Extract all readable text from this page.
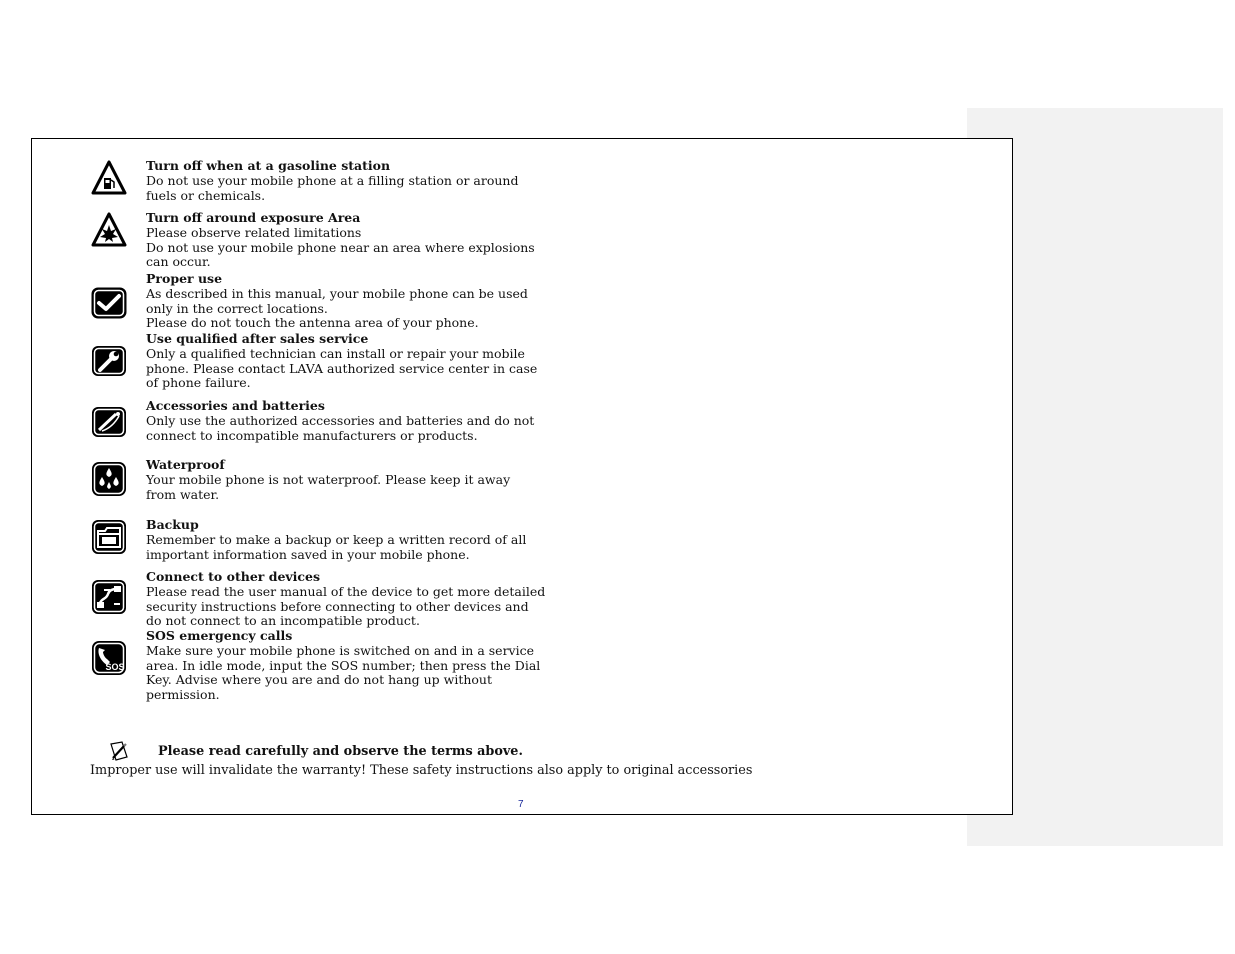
Turn off when at a gasoline station
Do not use your mobile phone at a filling station or around
fuels or chemicals.
Turn off around exposure Area
Please observe related limitations
Do not use your mobile phone near an area where explosions
can occur.
Proper use
As described in this manual, your mobile phone can be used
only in the correct locations.
Please do not touch the antenna area of your phone.
Use qualified after sales service
Only a qualified technician can install or repair your mobile
phone. Please contact LAVA authorized service center in case
of phone failure.
Accessories and batteries
Only use the authorized accessories and batteries and do not
connect to incompatible manufacturers or products.
Waterproof
Your mobile phone is not waterproof. Please keep it away
from water.
Backup
Remember to make a backup or keep a written record of all
important information saved in your mobile phone.
Connect to other devices
Please read the user manual of the device to get more detailed
security instructions before connecting to other devices and
do not connect to an incompatible product.
SOS
SOS emergency calls
Make sure your mobile phone is switched on and in a service
area. In idle mode, input the SOS number; then press the Dial
Key. Advise where you are and do not hang up without
permission.
Please read carefully and observe the terms above.
Improper use will invalidate the warranty! These safety instructions also apply to original accessories
7
